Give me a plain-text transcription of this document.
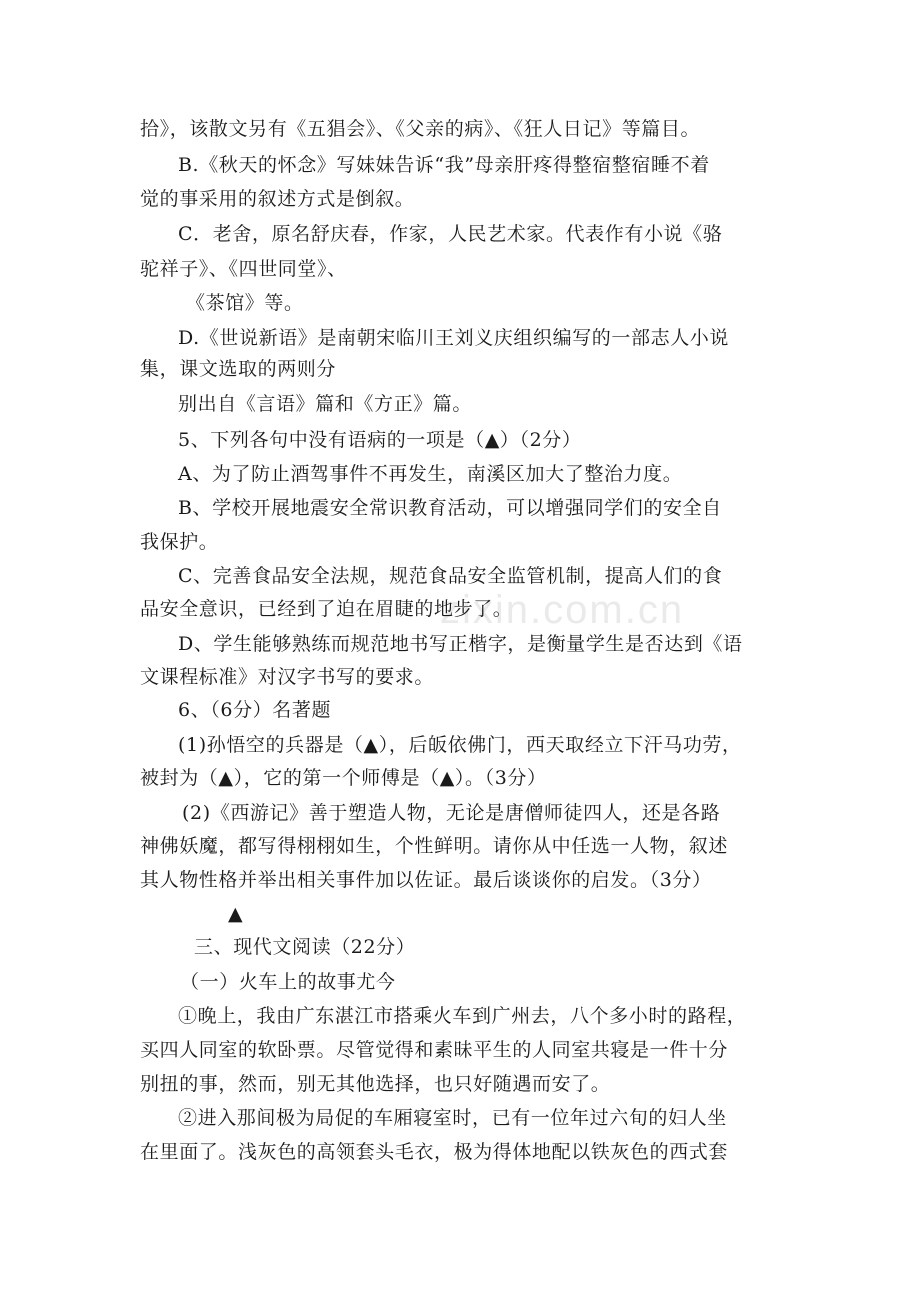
zixin.com.cn
拾》，该散文另有《五猖会》、《父亲的病》、《狂人日记》等篇目。
B.《秋天的怀念》写妹妹告诉“我”母亲肝疼得整宿整宿睡不着
觉的事采用的叙述方式是倒叙。
C．老舍，原名舒庆春，作家，人民艺术家。代表作有小说《骆
驼祥子》、《四世同堂》、
《茶馆》等。
D.《世说新语》是南朝宋临川王刘义庆组织编写的一部志人小说
集，课文选取的两则分
别出自《言语》篇和《方正》篇。
5、下列各句中没有语病的一项是（▲）（2分）
A、为了防止酒驾事件不再发生，南溪区加大了整治力度。
B、学校开展地震安全常识教育活动，可以增强同学们的安全自
我保护。
C、完善食品安全法规，规范食品安全监管机制，提高人们的食
品安全意识，已经到了迫在眉睫的地步了。
D、学生能够熟练而规范地书写正楷字，是衡量学生是否达到《语
文课程标准》对汉字书写的要求。
6、（6分）名著题
(1)孙悟空的兵器是（▲），后皈依佛门，西天取经立下汗马功劳，
被封为（▲），它的第一个师傅是（▲）。（3分）
(2)《西游记》善于塑造人物，无论是唐僧师徒四人，还是各路
神佛妖魔，都写得栩栩如生，个性鲜明。请你从中任选一人物，叙述
其人物性格并举出相关事件加以佐证。最后谈谈你的启发。（3分）
▲
三、现代文阅读（22分）
（一）火车上的故事尤今
①晚上，我由广东湛江市搭乘火车到广州去，八个多小时的路程，
买四人同室的软卧票。尽管觉得和素昧平生的人同室共寝是一件十分
别扭的事，然而，别无其他选择，也只好随遇而安了。
②进入那间极为局促的车厢寝室时，已有一位年过六旬的妇人坐
在里面了。浅灰色的高领套头毛衣，极为得体地配以铁灰色的西式套
